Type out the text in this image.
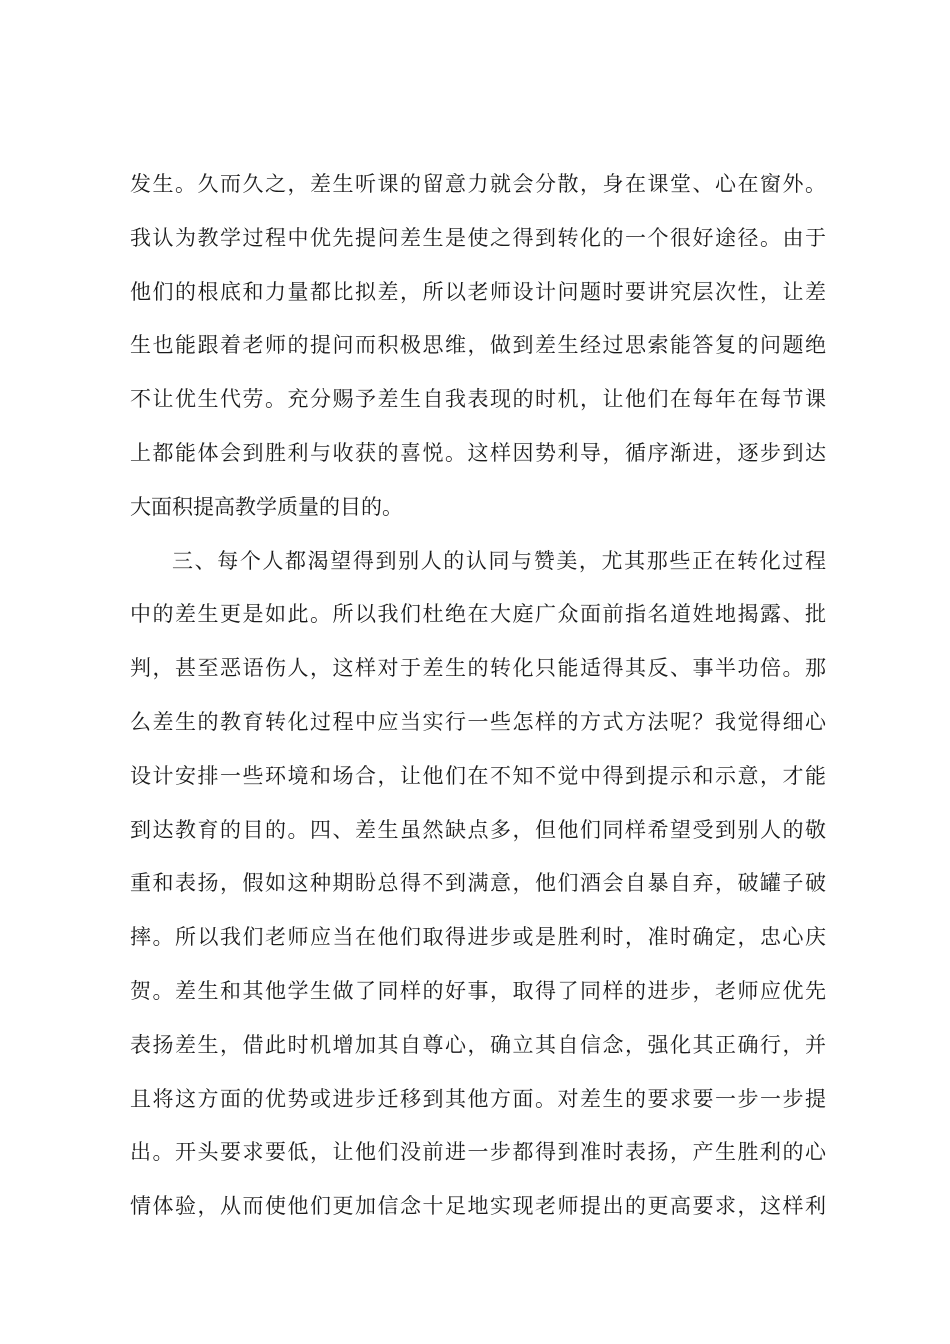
发生。久而久之，差生听课的留意力就会分散，身在课堂、心在窗外。
我认为教学过程中优先提问差生是使之得到转化的一个很好途径。由于
他们的根底和力量都比拟差，所以老师设计问题时要讲究层次性，让差
生也能跟着老师的提问而积极思维，做到差生经过思索能答复的问题绝
不让优生代劳。充分赐予差生自我表现的时机，让他们在每年在每节课
上都能体会到胜利与收获的喜悦。这样因势利导，循序渐进，逐步到达
大面积提高教学质量的目的。
三、每个人都渴望得到别人的认同与赞美，尤其那些正在转化过程
中的差生更是如此。所以我们杜绝在大庭广众面前指名道姓地揭露、批
判，甚至恶语伤人，这样对于差生的转化只能适得其反、事半功倍。那
么差生的教育转化过程中应当实行一些怎样的方式方法呢？我觉得细心
设计安排一些环境和场合，让他们在不知不觉中得到提示和示意，才能
到达教育的目的。四、差生虽然缺点多，但他们同样希望受到别人的敬
重和表扬，假如这种期盼总得不到满意，他们酒会自暴自弃，破罐子破
摔。所以我们老师应当在他们取得进步或是胜利时，准时确定，忠心庆
贺。差生和其他学生做了同样的好事，取得了同样的进步，老师应优先
表扬差生，借此时机增加其自尊心，确立其自信念，强化其正确行，并
且将这方面的优势或进步迁移到其他方面。对差生的要求要一步一步提
出。开头要求要低，让他们没前进一步都得到准时表扬，产生胜利的心
情体验，从而使他们更加信念十足地实现老师提出的更高要求，这样利
